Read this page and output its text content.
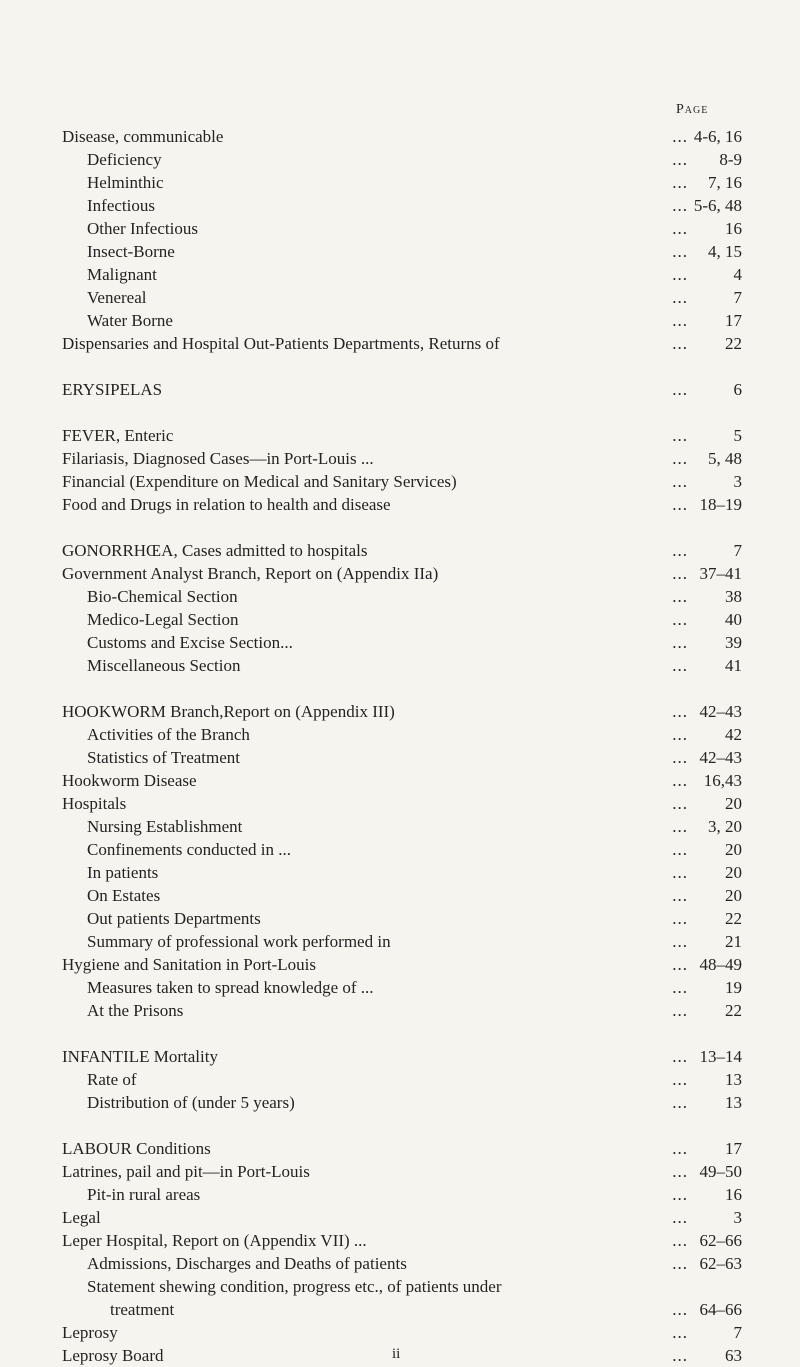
Page
Disease, communicable	... 4-6, 16
Deficiency	...	8-9
Helminthic	...	7, 16
Infectious	... 5-6, 48
Other Infectious	...	16
Insect-Borne	...	4, 15
Malignant	...	4
Venereal	...	7
Water Borne	...	17
Dispensaries and Hospital Out-Patients Departments, Returns of	...	22
ERYSIPELAS	...	6
FEVER, Enteric	...	5
Filariasis, Diagnosed Cases—in Port-Louis ...	...	5, 48
Financial (Expenditure on Medical and Sanitary Services)	...	3
Food and Drugs in relation to health and disease	... 18–19
GONORRHŒA, Cases admitted to hospitals	...	7
Government Analyst Branch, Report on (Appendix IIa)	... 37–41
Bio-Chemical Section	...	38
Medico-Legal Section	...	40
Customs and Excise Section...	...	39
Miscellaneous Section	...	41
HOOKWORM Branch,Report on (Appendix III)	... 42–43
Activities of the Branch	...	42
Statistics of Treatment	... 42–43
Hookworm Disease	... 16,43
Hospitals	...	20
Nursing Establishment	...	3, 20
Confinements conducted in ...	...	20
In patients	...	20
On Estates	...	20
Out patients Departments	...	22
Summary of professional work performed in	...	21
Hygiene and Sanitation in Port-Louis	... 48–49
Measures taken to spread knowledge of ...	...	19
At the Prisons	...	22
INFANTILE Mortality	... 13–14
Rate of	...	13
Distribution of (under 5 years)	...	13
LABOUR Conditions	...	17
Latrines, pail and pit—in Port-Louis	... 49–50
Pit-in rural areas	...	16
Legal	...	3
Leper Hospital, Report on (Appendix VII) ...	... 62–66
Admissions, Discharges and Deaths of patients	... 62–63
Statement shewing condition, progress etc., of patients under
treatment	... 64–66
Leprosy	...	7
Leprosy Board	...	63
ii
